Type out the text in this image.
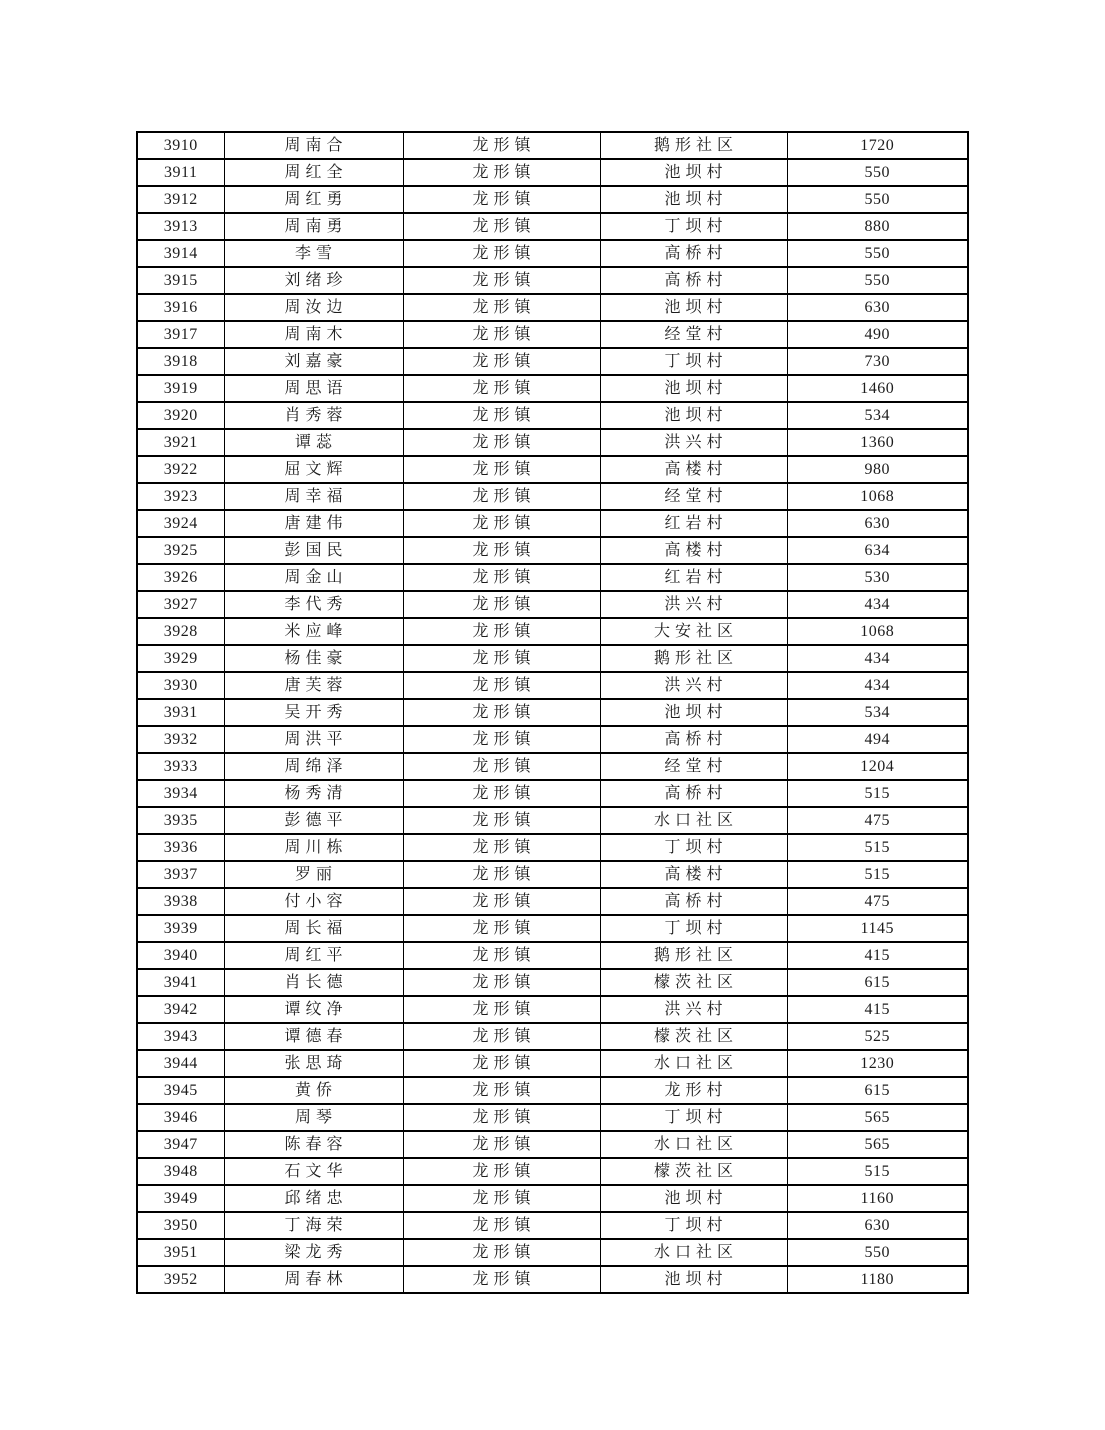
3910	周南合	龙形镇	鹅形社区	1720
3911	周红全	龙形镇	池坝村	550
3912	周红勇	龙形镇	池坝村	550
3913	周南勇	龙形镇	丁坝村	880
3914	李雪	龙形镇	高桥村	550
3915	刘绪珍	龙形镇	高桥村	550
3916	周汝边	龙形镇	池坝村	630
3917	周南木	龙形镇	经堂村	490
3918	刘嘉豪	龙形镇	丁坝村	730
3919	周思语	龙形镇	池坝村	1460
3920	肖秀蓉	龙形镇	池坝村	534
3921	谭蕊	龙形镇	洪兴村	1360
3922	屈文辉	龙形镇	高楼村	980
3923	周幸福	龙形镇	经堂村	1068
3924	唐建伟	龙形镇	红岩村	630
3925	彭国民	龙形镇	高楼村	634
3926	周金山	龙形镇	红岩村	530
3927	李代秀	龙形镇	洪兴村	434
3928	米应峰	龙形镇	大安社区	1068
3929	杨佳豪	龙形镇	鹅形社区	434
3930	唐芙蓉	龙形镇	洪兴村	434
3931	吴开秀	龙形镇	池坝村	534
3932	周洪平	龙形镇	高桥村	494
3933	周绵泽	龙形镇	经堂村	1204
3934	杨秀清	龙形镇	高桥村	515
3935	彭德平	龙形镇	水口社区	475
3936	周川栋	龙形镇	丁坝村	515
3937	罗丽	龙形镇	高楼村	515
3938	付小容	龙形镇	高桥村	475
3939	周长福	龙形镇	丁坝村	1145
3940	周红平	龙形镇	鹅形社区	415
3941	肖长德	龙形镇	檬茨社区	615
3942	谭纹净	龙形镇	洪兴村	415
3943	谭德春	龙形镇	檬茨社区	525
3944	张思琦	龙形镇	水口社区	1230
3945	黄侨	龙形镇	龙形村	615
3946	周琴	龙形镇	丁坝村	565
3947	陈春容	龙形镇	水口社区	565
3948	石文华	龙形镇	檬茨社区	515
3949	邱绪忠	龙形镇	池坝村	1160
3950	丁海荣	龙形镇	丁坝村	630
3951	梁龙秀	龙形镇	水口社区	550
3952	周春林	龙形镇	池坝村	1180
